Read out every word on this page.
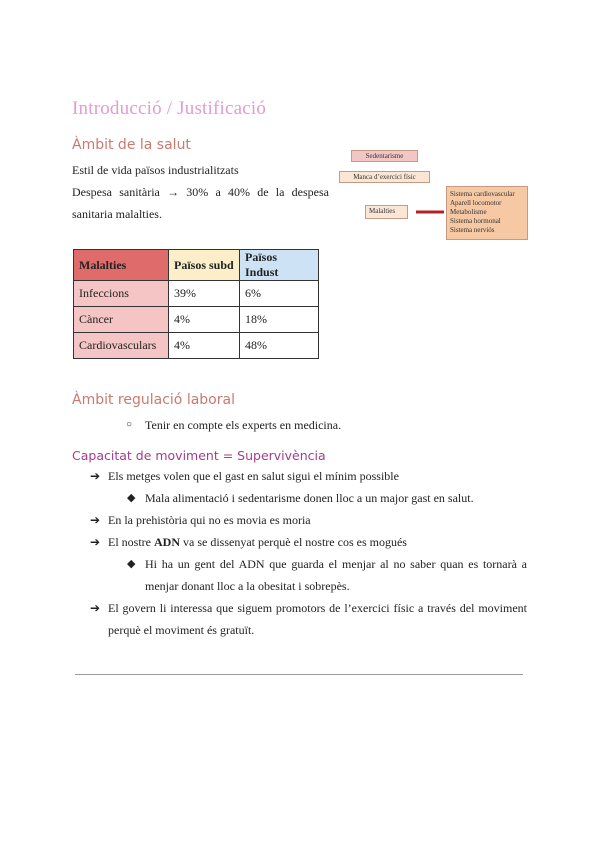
Introducció / Justificació
Àmbit de la salut
Estil de vida països industrialitzats
Despesa sanitària → 30% a 40% de la despesa
sanitaria malalties.
Sedentarisme
Manca d’exercici físic
Malalties
Sistema cardiovascular
Aparell locomotor
Metabolisme
Sistema hormonal
Sistema nerviós
Malalties	Països subd	Països Indust
Infeccions	39%	6%
Càncer	4%	18%
Cardiovasculars	4%	48%
Àmbit regulació laboral
○ Tenir en compte els experts en medicina.
Capacitat de moviment = Supervivència
➔ Els metges volen que el gast en salut sigui el mínim possible
◆ Mala alimentació i sedentarisme donen lloc a un major gast en salut.
➔ En la prehistòria qui no es movia es moria
➔ El nostre ADN va se dissenyat perquè el nostre cos es mogués
◆ Hi ha un gent del ADN que guarda el menjar al no saber quan es tornarà a
menjar donant lloc a la obesitat i sobrepès.
➔ El govern li interessa que siguem promotors de l’exercici físic a través del moviment
perquè el moviment és gratuït.
